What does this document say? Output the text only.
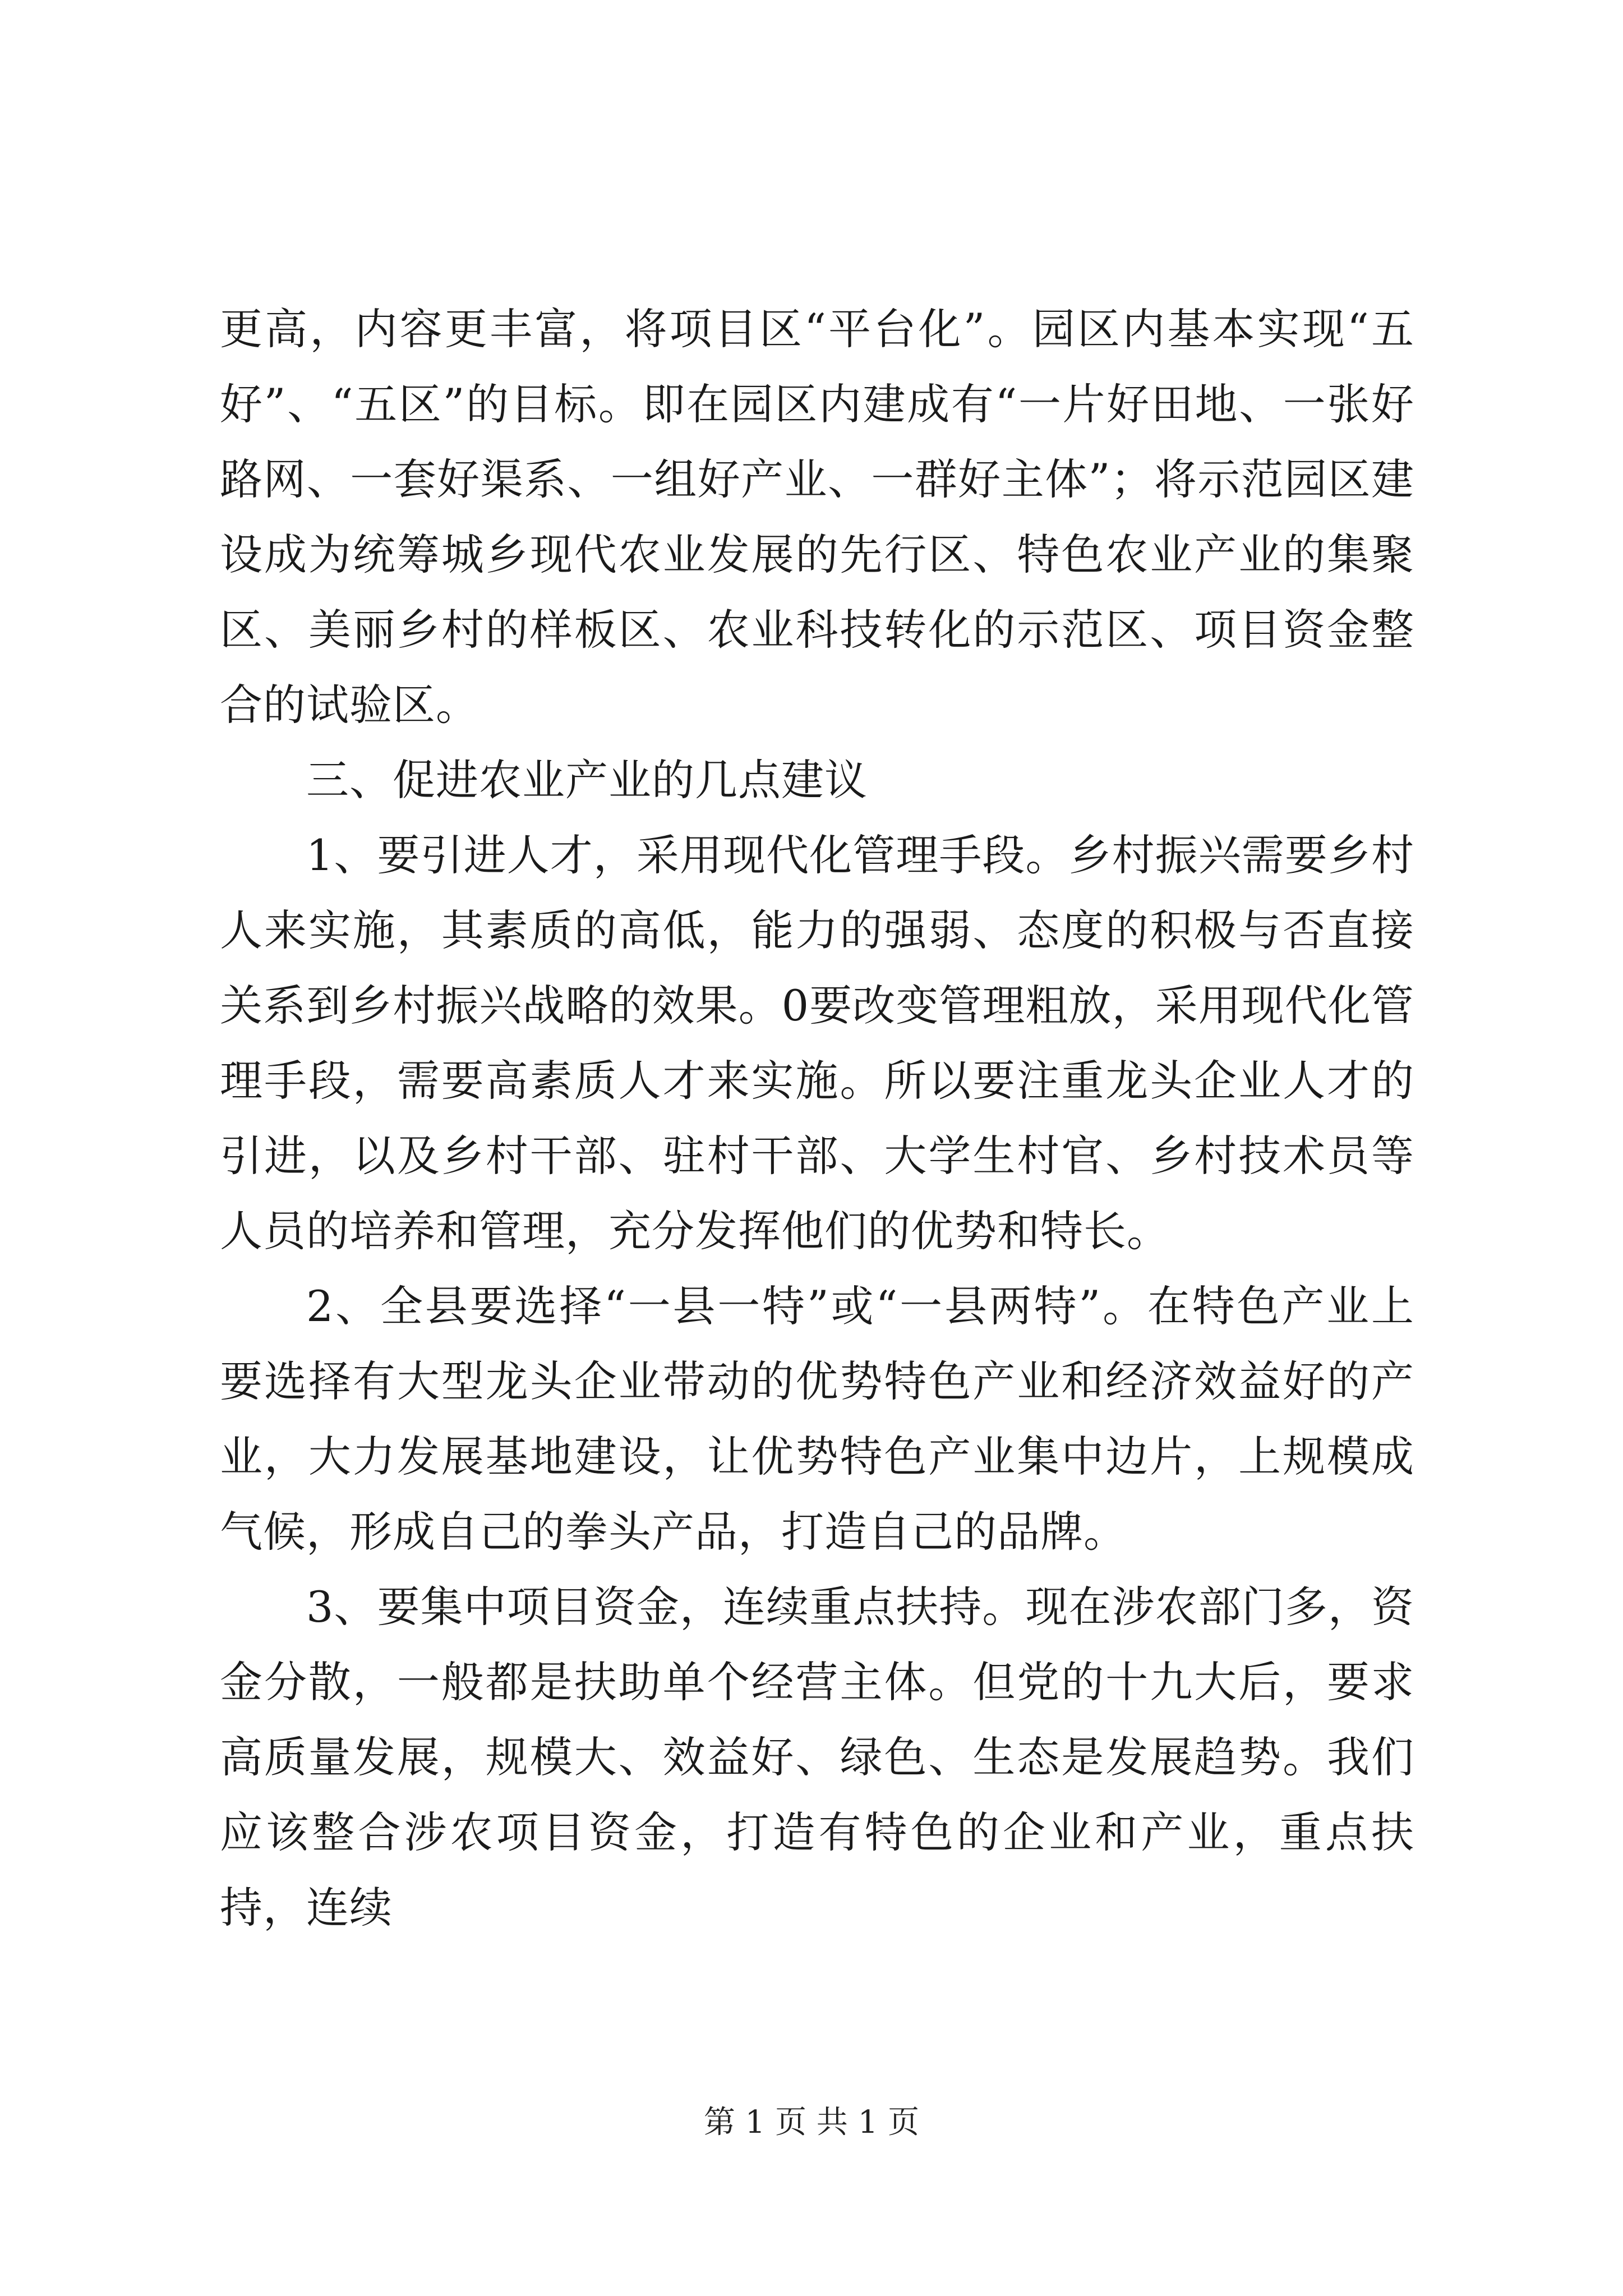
更高，内容更丰富，将项目区“平台化”。园区内基本实现“五好”、“五区”的目标。即在园区内建成有“一片好田地、一张好路网、一套好渠系、一组好产业、一群好主体”；将示范园区建设成为统筹城乡现代农业发展的先行区、特色农业产业的集聚区、美丽乡村的样板区、农业科技转化的示范区、项目资金整合的试验区。

三、促进农业产业的几点建议

1、要引进人才，采用现代化管理手段。乡村振兴需要乡村人来实施，其素质的高低，能力的强弱、态度的积极与否直接关系到乡村振兴战略的效果。0要改变管理粗放，采用现代化管理手段，需要高素质人才来实施。所以要注重龙头企业人才的引进，以及乡村干部、驻村干部、大学生村官、乡村技术员等人员的培养和管理，充分发挥他们的优势和特长。

2、全县要选择“一县一特”或“一县两特”。在特色产业上要选择有大型龙头企业带动的优势特色产业和经济效益好的产业，大力发展基地建设，让优势特色产业集中边片，上规模成气候，形成自己的拳头产品，打造自己的品牌。

3、要集中项目资金，连续重点扶持。现在涉农部门多，资金分散，一般都是扶助单个经营主体。但党的十九大后，要求高质量发展，规模大、效益好、绿色、生态是发展趋势。我们应该整合涉农项目资金，打造有特色的企业和产业，重点扶持，连续

第 1 页 共 1 页
